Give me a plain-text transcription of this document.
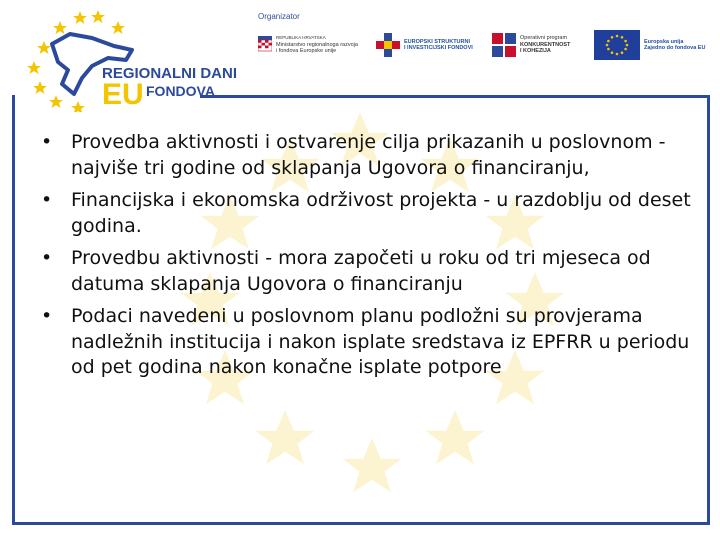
REGIONALNI DANI
EU FONDOVA
Organizator
REPUBLIKA HRVATSKA
Ministarstvo regionalnoga razvoja
i fondova Europske unije
EUROPSKI STRUKTURNI
I INVESTICIJSKI FONDOVI
Operativni program
KONKURENTNOST
I KOHEZIJA
Europska unija
Zajedno do fondova EU
• Provedba aktivnosti i ostvarenje cilja prikazanih u poslovnom - najviše tri godine od sklapanja Ugovora o financiranju,
• Financijska i ekonomska održivost projekta - u razdoblju od deset godina.
• Provedbu aktivnosti - mora započeti u roku od tri mjeseca od datuma sklapanja Ugovora o financiranju
• Podaci navedeni u poslovnom planu podložni su provjerama nadležnih institucija i nakon isplate sredstava iz EPFRR u periodu od pet godina nakon konačne isplate potpore
